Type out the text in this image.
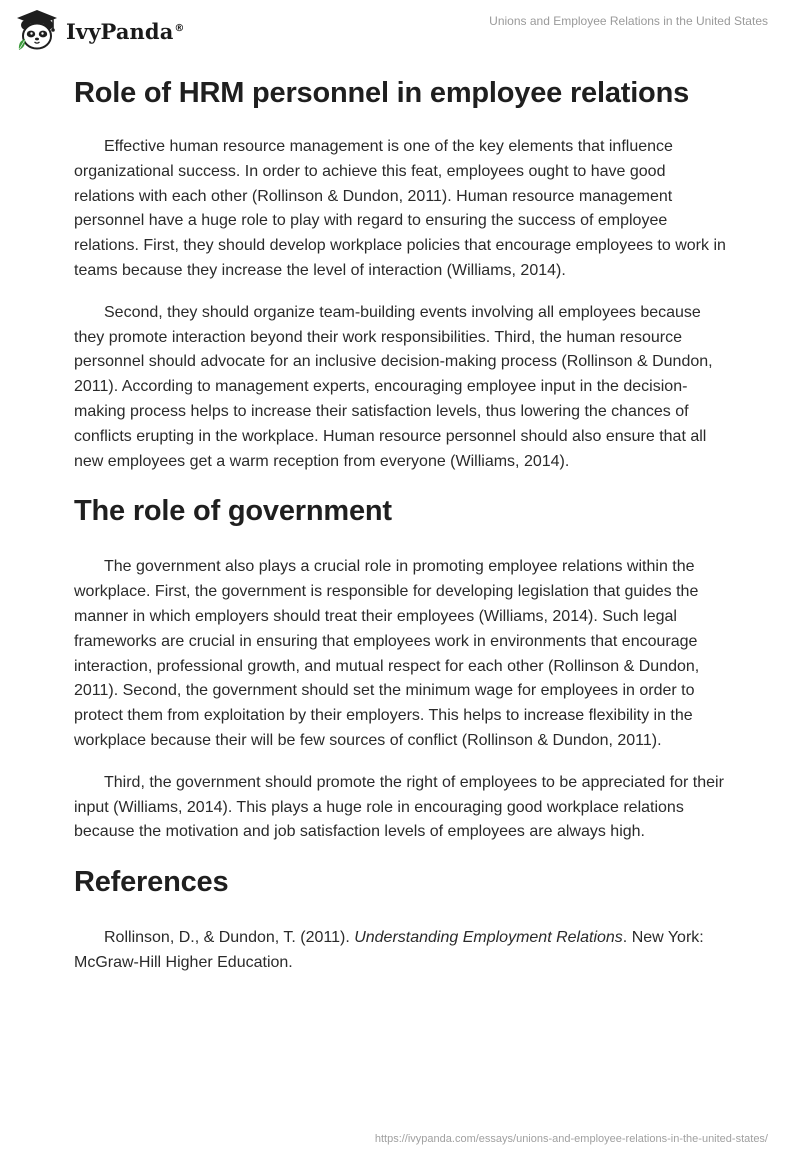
IvyPanda®	Unions and Employee Relations in the United States
Role of HRM personnel in employee relations

Effective human resource management is one of the key elements that influence organizational success. In order to achieve this feat, employees ought to have good relations with each other (Rollinson & Dundon, 2011). Human resource management personnel have a huge role to play with regard to ensuring the success of employee relations. First, they should develop workplace policies that encourage employees to work in teams because they increase the level of interaction (Williams, 2014).

Second, they should organize team-building events involving all employees because they promote interaction beyond their work responsibilities. Third, the human resource personnel should advocate for an inclusive decision-making process (Rollinson & Dundon, 2011). According to management experts, encouraging employee input in the decision-making process helps to increase their satisfaction levels, thus lowering the chances of conflicts erupting in the workplace. Human resource personnel should also ensure that all new employees get a warm reception from everyone (Williams, 2014).

The role of government

The government also plays a crucial role in promoting employee relations within the workplace. First, the government is responsible for developing legislation that guides the manner in which employers should treat their employees (Williams, 2014). Such legal frameworks are crucial in ensuring that employees work in environments that encourage interaction, professional growth, and mutual respect for each other (Rollinson & Dundon, 2011). Second, the government should set the minimum wage for employees in order to protect them from exploitation by their employers. This helps to increase flexibility in the workplace because their will be few sources of conflict (Rollinson & Dundon, 2011).

Third, the government should promote the right of employees to be appreciated for their input (Williams, 2014). This plays a huge role in encouraging good workplace relations because the motivation and job satisfaction levels of employees are always high.

References

Rollinson, D., & Dundon, T. (2011). Understanding Employment Relations. New York: McGraw-Hill Higher Education.

https://ivypanda.com/essays/unions-and-employee-relations-in-the-united-states/
